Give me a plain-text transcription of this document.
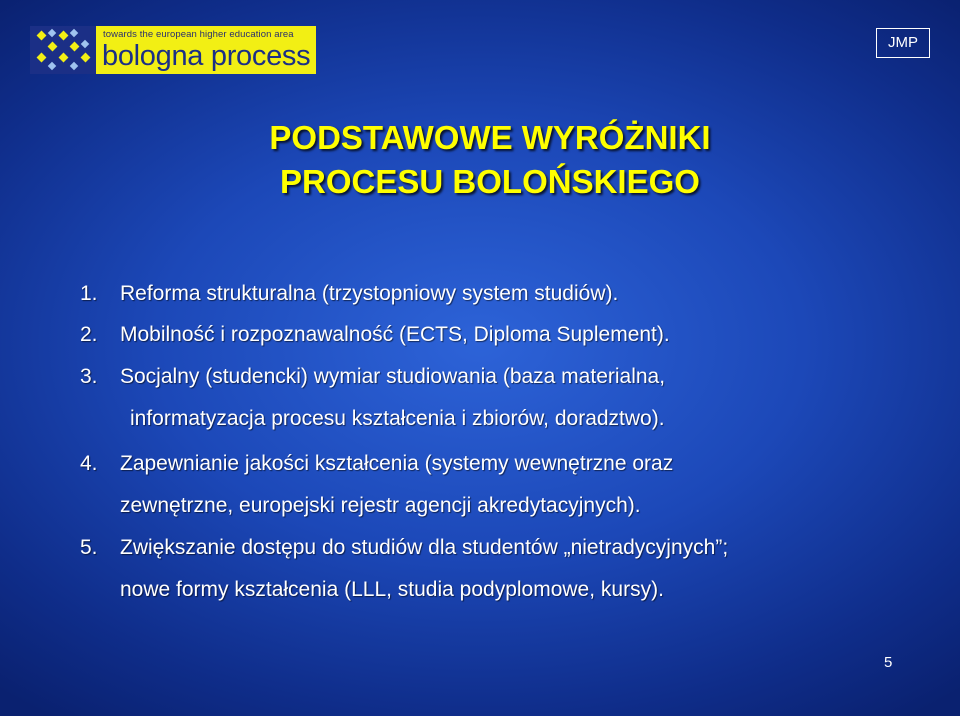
towards the european higher education area
bologna process	JMP
PODSTAWOWE WYRÓŻNIKI
PROCESU BOLOŃSKIEGO
1. Reforma strukturalna (trzystopniowy system studiów).
2. Mobilność i rozpoznawalność (ECTS, Diploma Suplement).
3. Socjalny (studencki) wymiar studiowania (baza materialna,
informatyzacja procesu kształcenia i zbiorów, doradztwo).
4. Zapewnianie jakości kształcenia (systemy wewnętrzne oraz
zewnętrzne, europejski rejestr agencji akredytacyjnych).
5. Zwiększanie dostępu do studiów dla studentów „nietradycyjnych”;
nowe formy kształcenia (LLL, studia podyplomowe, kursy).
5
